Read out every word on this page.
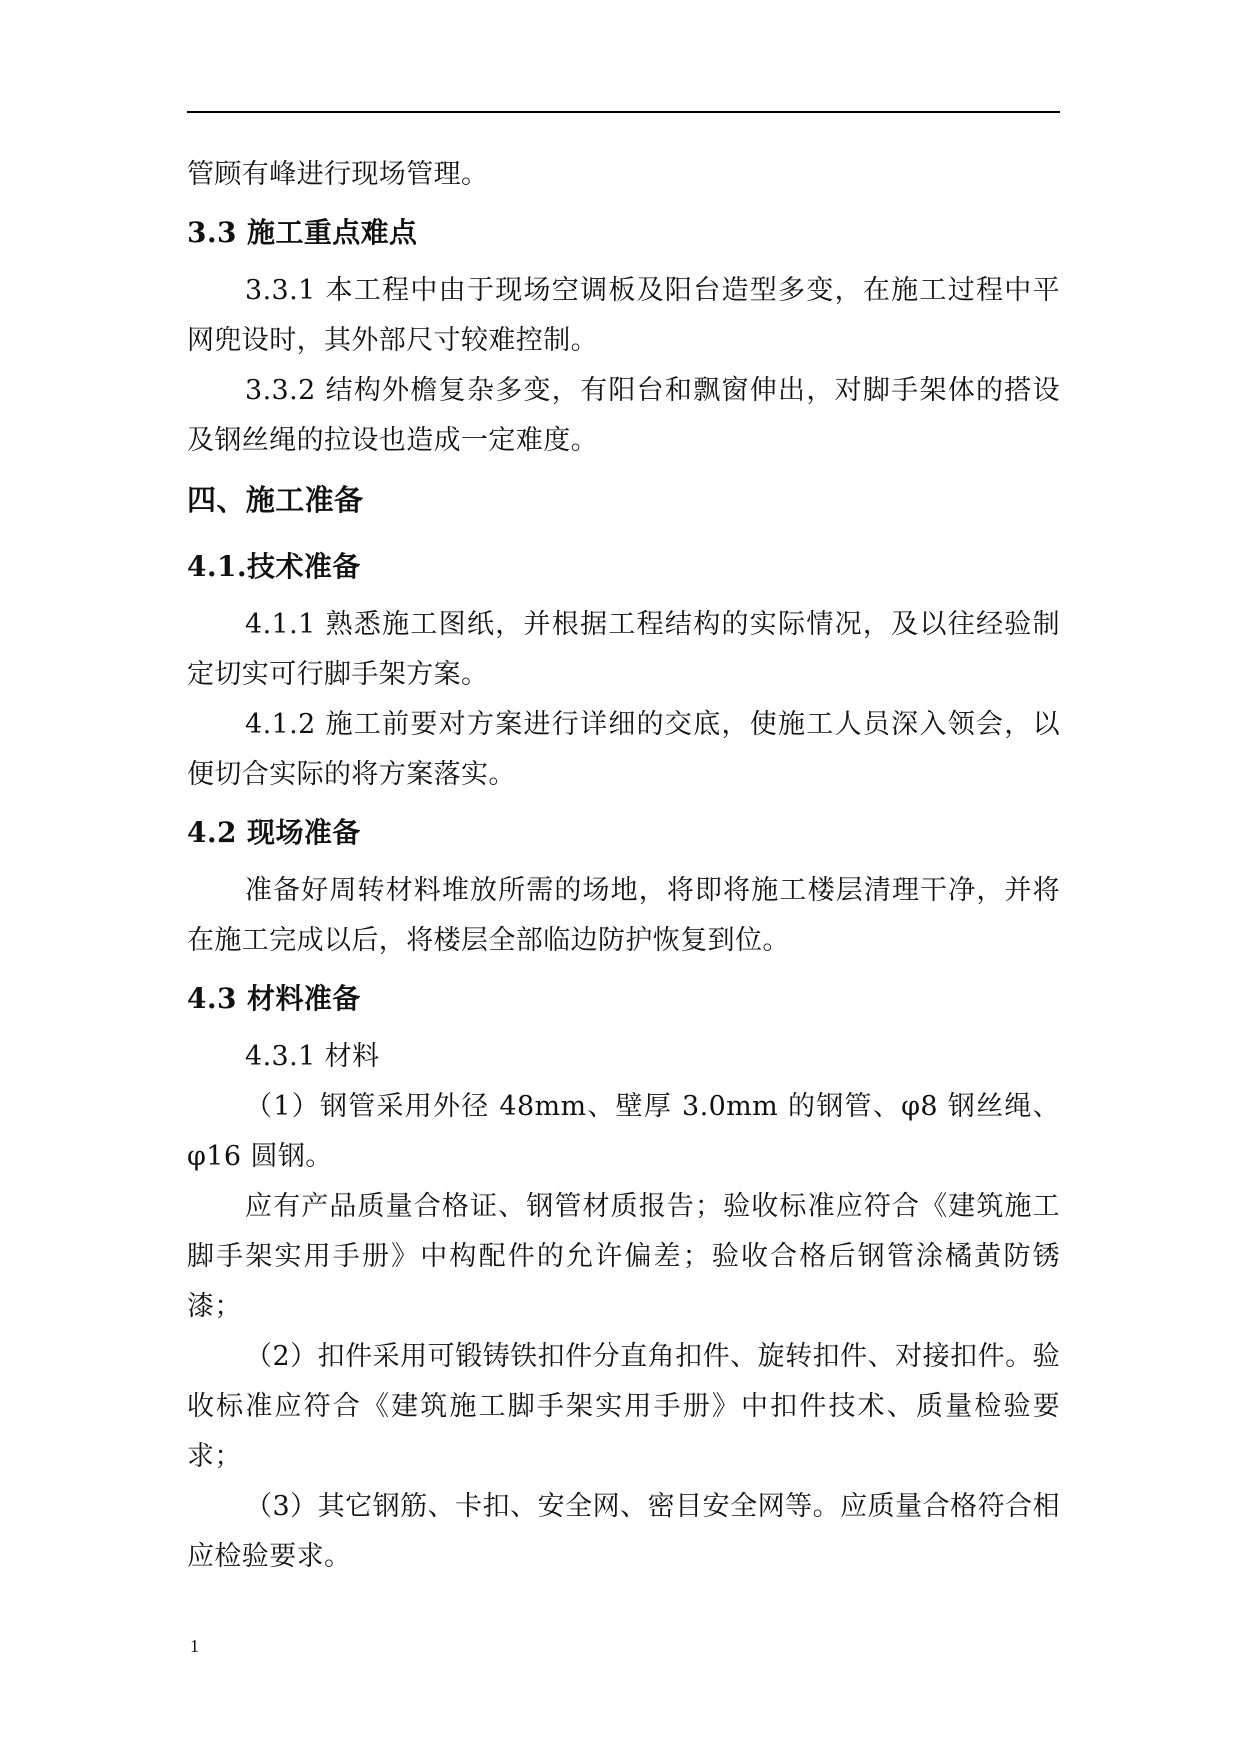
管顾有峰进行现场管理。

3.3 施工重点难点

3.3.1 本工程中由于现场空调板及阳台造型多变，在施工过程中平网兜设时，其外部尺寸较难控制。

3.3.2 结构外檐复杂多变，有阳台和飘窗伸出，对脚手架体的搭设及钢丝绳的拉设也造成一定难度。

四、施工准备

4.1.技术准备

4.1.1 熟悉施工图纸，并根据工程结构的实际情况，及以往经验制定切实可行脚手架方案。

4.1.2 施工前要对方案进行详细的交底，使施工人员深入领会，以便切合实际的将方案落实。

4.2 现场准备

准备好周转材料堆放所需的场地，将即将施工楼层清理干净，并将在施工完成以后，将楼层全部临边防护恢复到位。

4.3 材料准备

4.3.1 材料

（1）钢管采用外径 48mm、壁厚 3.0mm 的钢管、φ8 钢丝绳、φ16 圆钢。

应有产品质量合格证、钢管材质报告；验收标准应符合《建筑施工脚手架实用手册》中构配件的允许偏差；验收合格后钢管涂橘黄防锈漆；

（2）扣件采用可锻铸铁扣件分直角扣件、旋转扣件、对接扣件。验收标准应符合《建筑施工脚手架实用手册》中扣件技术、质量检验要求；

（3）其它钢筋、卡扣、安全网、密目安全网等。应质量合格符合相应检验要求。

1
